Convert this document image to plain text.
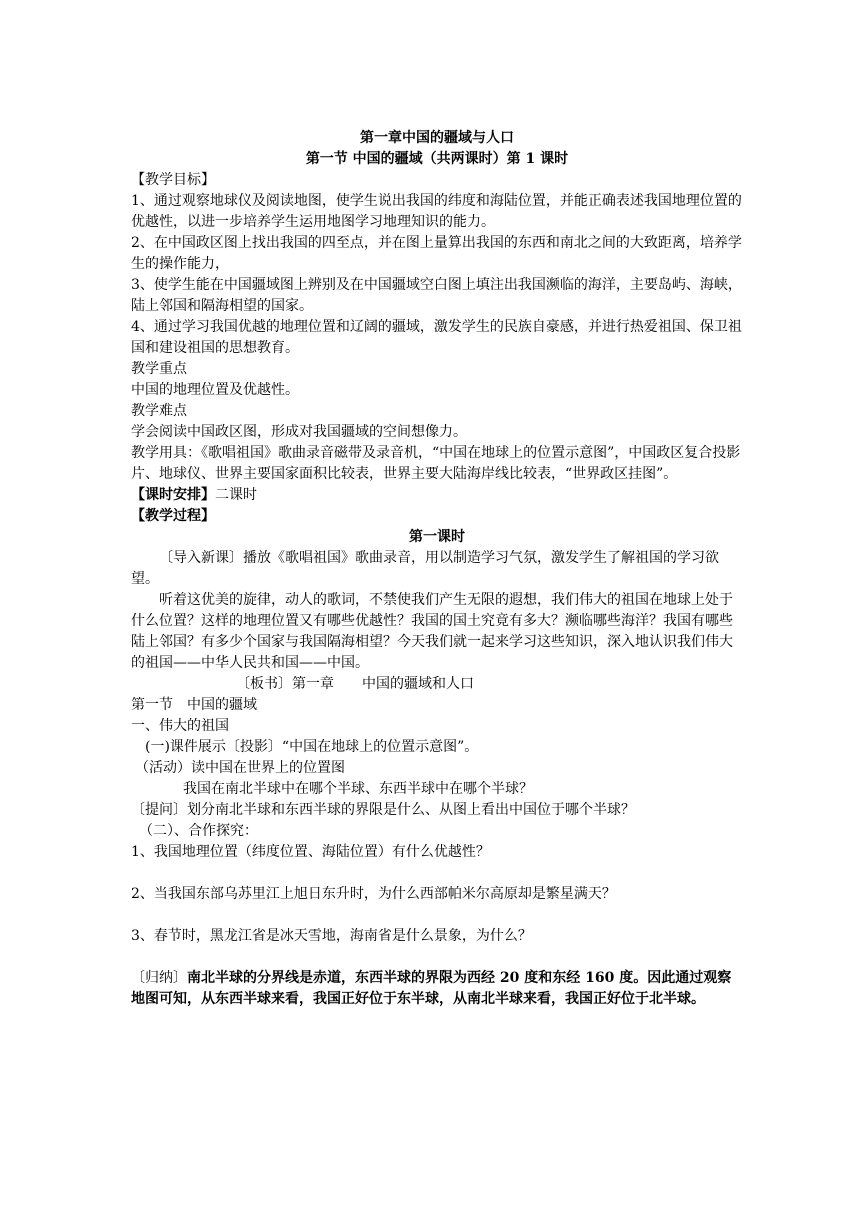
第一章中国的疆域与人口

第一节 中国的疆域（共两课时）第 1 课时

【教学目标】

1、通过观察地球仪及阅读地图，使学生说出我国的纬度和海陆位置，并能正确表述我国地理位置的优越性，以进一步培养学生运用地图学习地理知识的能力。

2、在中国政区图上找出我国的四至点，并在图上量算出我国的东西和南北之间的大致距离，培养学生的操作能力，

3、使学生能在中国疆域图上辨别及在中国疆域空白图上填注出我国濒临的海洋，主要岛屿、海峡，陆上邻国和隔海相望的国家。

4、通过学习我国优越的地理位置和辽阔的疆域，激发学生的民族自豪感，并进行热爱祖国、保卫祖国和建设祖国的思想教育。

教学重点

中国的地理位置及优越性。

教学难点

学会阅读中国政区图，形成对我国疆域的空间想像力。

教学用具：《歌唱祖国》歌曲录音磁带及录音机，“中国在地球上的位置示意图”，中国政区复合投影片、地球仪、世界主要国家面积比较表，世界主要大陆海岸线比较表，“世界政区挂图”。

【课时安排】二课时

【教学过程】

第一课时

〔导入新课〕播放《歌唱祖国》歌曲录音，用以制造学习气氛，激发学生了解祖国的学习欲望。

听着这优美的旋律，动人的歌词，不禁使我们产生无限的遐想，我们伟大的祖国在地球上处于什么位置？这样的地理位置又有哪些优越性？我国的国土究竟有多大？濒临哪些海洋？我国有哪些陆上邻国？有多少个国家与我国隔海相望？今天我们就一起来学习这些知识，深入地认识我们伟大的祖国——中华人民共和国——中国。

〔板书〕第一章　　中国的疆域和人口

第一节　中国的疆域

一、伟大的祖国

(一)课件展示〔投影〕“中国在地球上的位置示意图”。

（活动）读中国在世界上的位置图

我国在南北半球中在哪个半球、东西半球中在哪个半球？

〔提问〕划分南北半球和东西半球的界限是什么、从图上看出中国位于哪个半球？

（二）、合作探究：

1、我国地理位置（纬度位置、海陆位置）有什么优越性？

2、当我国东部乌苏里江上旭日东升时，为什么西部帕米尔高原却是繁星满天？

3、春节时，黑龙江省是冰天雪地，海南省是什么景象，为什么？

〔归纳〕南北半球的分界线是赤道，东西半球的界限为西经 20 度和东经 160 度。因此通过观察地图可知，从东西半球来看，我国正好位于东半球，从南北半球来看，我国正好位于北半球。
